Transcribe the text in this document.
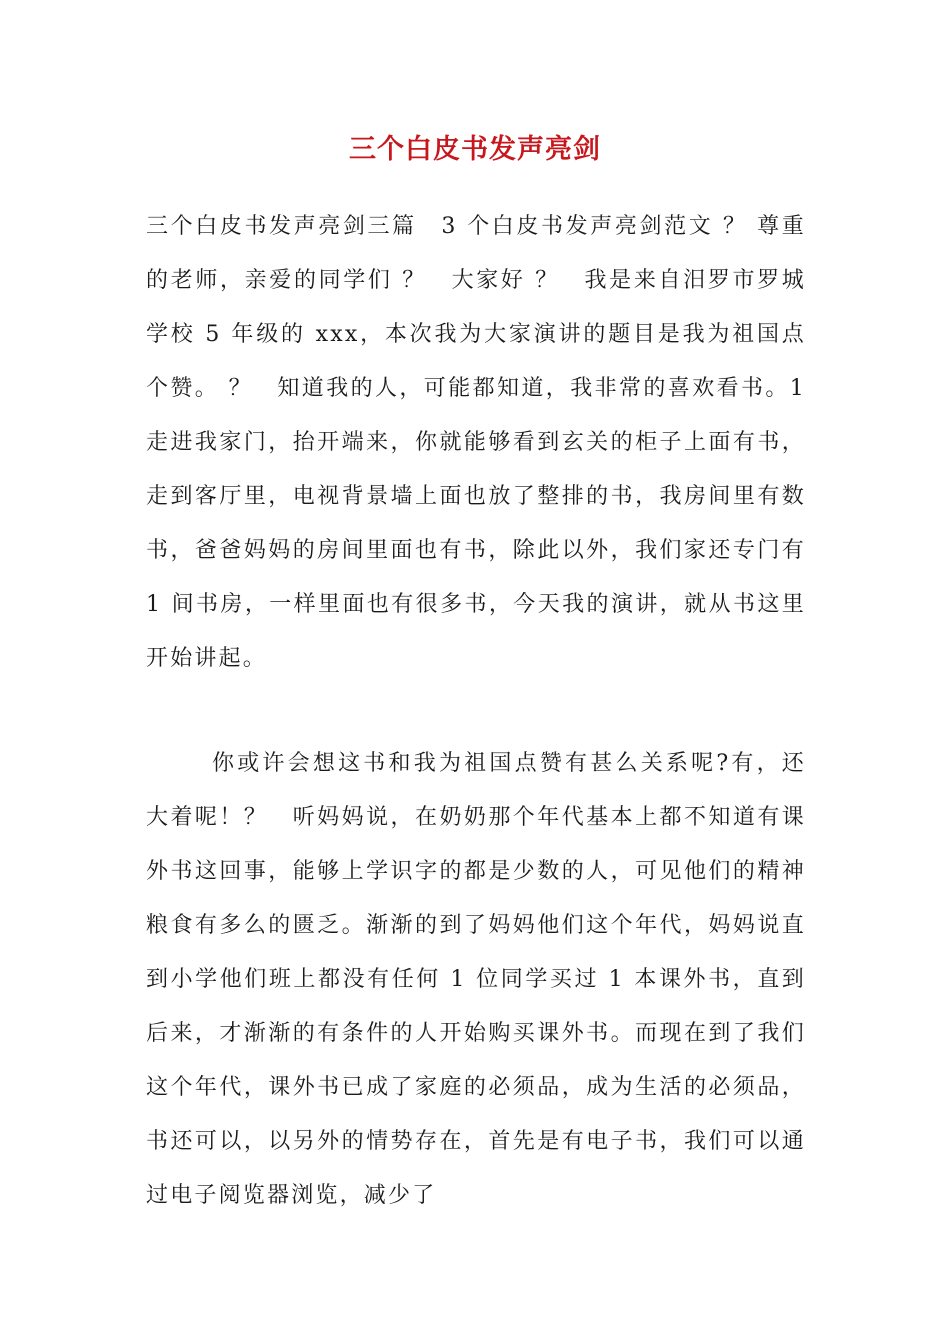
三个白皮书发声亮剑

三个白皮书发声亮剑三篇　3 个白皮书发声亮剑范文 ？ 尊重的老师，亲爱的同学们 ？　大家好 ？　我是来自汨罗市罗城学校 5 年级的 xxx，本次我为大家演讲的题目是我为祖国点个赞。 ？　知道我的人，可能都知道，我非常的喜欢看书。1 走进我家门，抬开端来，你就能够看到玄关的柜子上面有书，走到客厅里，电视背景墙上面也放了整排的书，我房间里有数书，爸爸妈妈的房间里面也有书，除此以外，我们家还专门有 1 间书房，一样里面也有很多书，今天我的演讲，就从书这里开始讲起。

你或许会想这书和我为祖国点赞有甚么关系呢?有，还大着呢！？　听妈妈说，在奶奶那个年代基本上都不知道有课外书这回事，能够上学识字的都是少数的人，可见他们的精神粮食有多么的匮乏。渐渐的到了妈妈他们这个年代，妈妈说直到小学他们班上都没有任何 1 位同学买过 1 本课外书，直到后来，才渐渐的有条件的人开始购买课外书。而现在到了我们这个年代，课外书已成了家庭的必须品，成为生活的必须品，书还可以，以另外的情势存在，首先是有电子书，我们可以通过电子阅览器浏览，减少了
